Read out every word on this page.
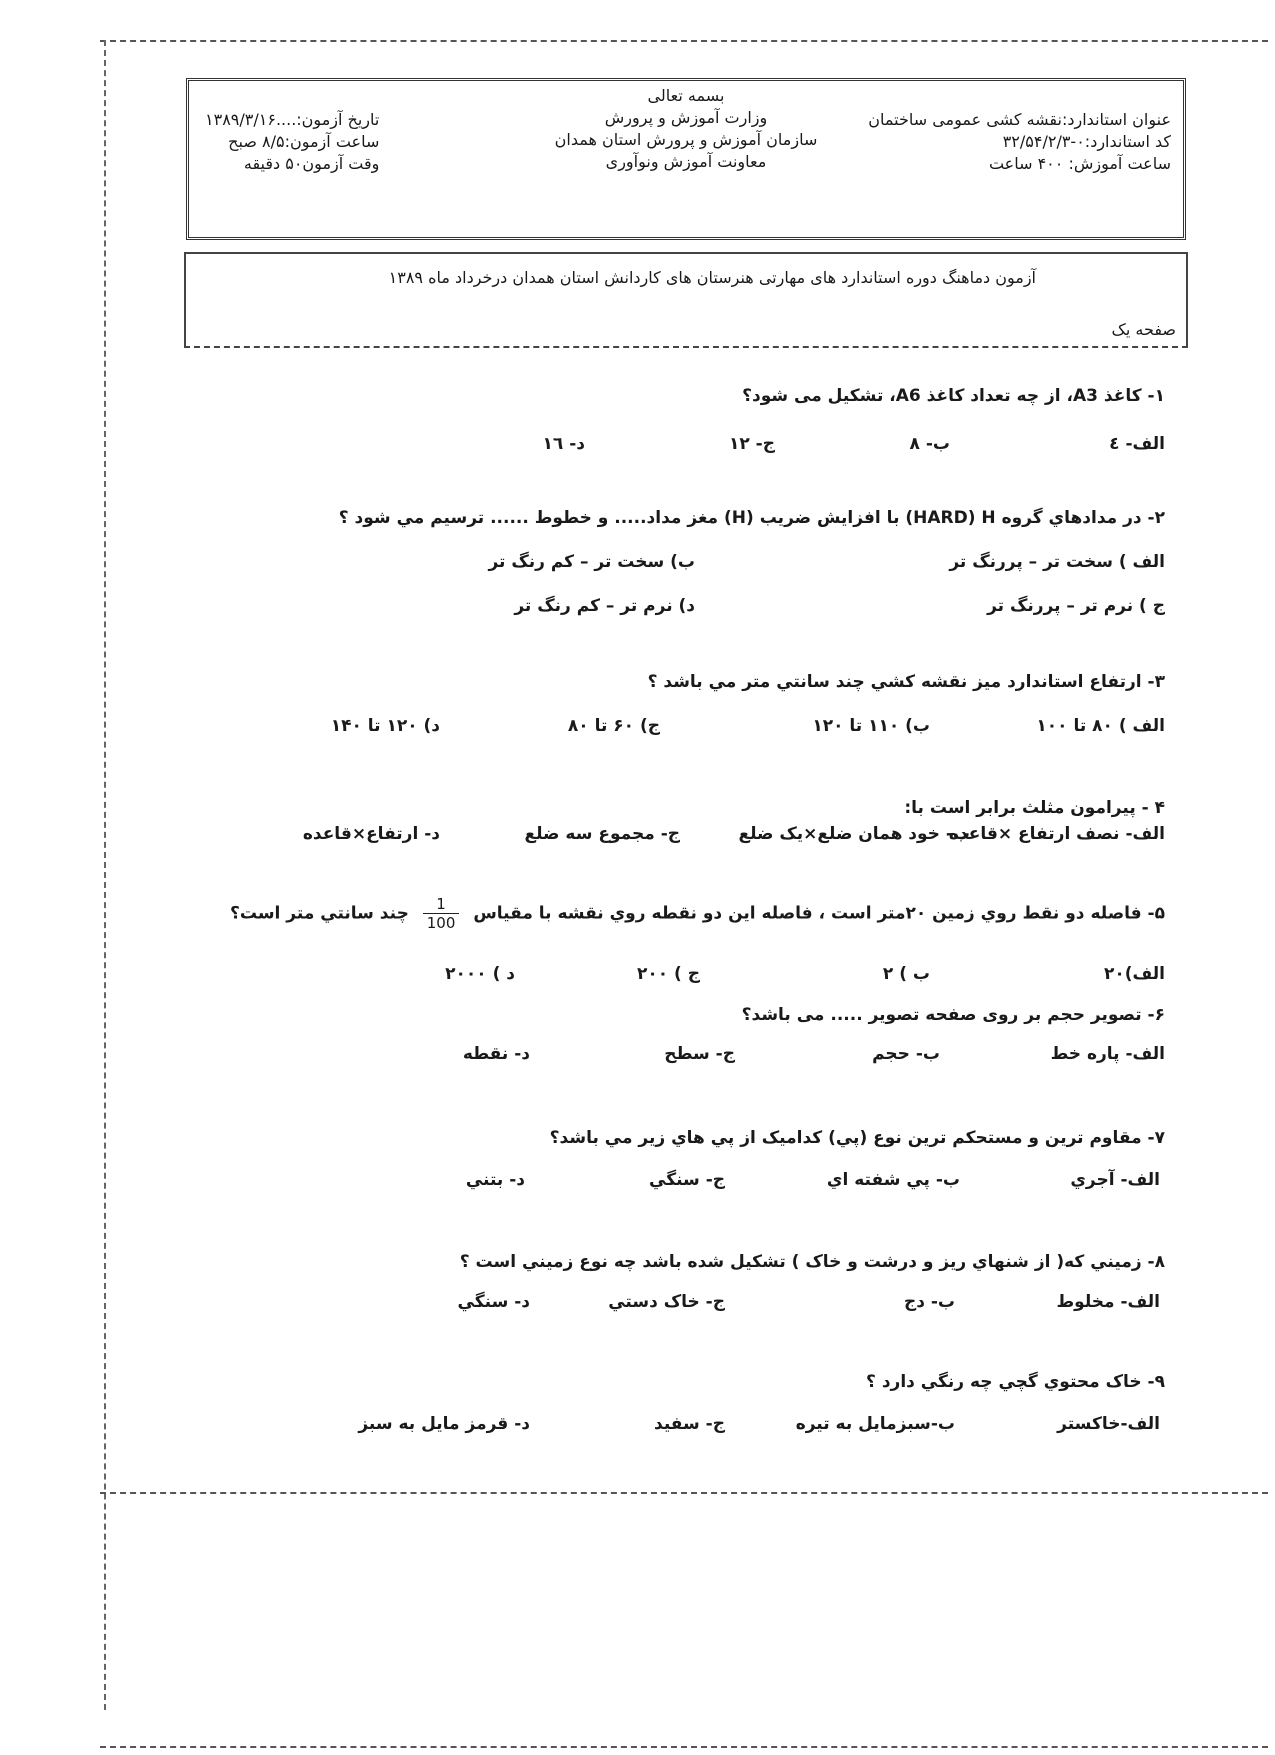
بسمه تعالی
وزارت آموزش و پرورش
سازمان آموزش و پرورش استان همدان
معاونت آموزش ونوآوری
عنوان استاندارد:نقشه کشی عمومی ساختمان
کد استاندارد:۰-۳۲/۵۴/۲/۳
ساعت آموزش: ۴۰۰ ساعت
تاریخ آزمون:....۱۳۸۹/۳/۱۶
ساعت آزمون:۸/۵ صبح
وقت آزمون۵۰ دقیقه
آزمون دماهنگ دوره استاندارد های مهارتی هنرستان های کاردانش استان همدان درخرداد ماه ۱۳۸۹
صفحه یک
۱- کاغذ A3، از چه تعداد کاغذ A6، تشکیل می شود؟
الف- ٤
ب- ٨
ج- ١٢
د- ١٦
۲- در مدادهاي گروه HARD) H) با افزايش ضريب (H) مغز مداد..... و خطوط ...... ترسيم مي شود ؟
الف ) سخت تر – پررنگ تر
ب) سخت تر – کم رنگ تر
ج ) نرم تر – پررنگ تر
د) نرم تر – کم رنگ تر
۳- ارتفاع استاندارد ميز نقشه کشي چند سانتي متر مي باشد ؟
الف ) ۸۰ تا ۱۰۰
ب) ۱۱۰ تا ۱۲۰
ج) ۶۰ تا ۸۰
د) ۱۲۰ تا ۱۴۰
۴ - پیرامون مثلث برابر است با:
الف- نصف ارتفاع ×قاعده
ب- خود همان ضلع×یک ضلع
ج- مجموع سه ضلع
د- ارتفاع×قاعده
۵- فاصله دو نقط روي زمين ۲۰متر است ، فاصله اين دو نقطه روي نقشه با مقياس
$\frac{1}{100}$
چند سانتي متر است؟
الف)۲۰
ب ) ۲
ج ) ۲۰۰
د ) ۲۰۰۰
۶- تصویر حجم بر روی صفحه تصویر ..... می باشد؟
الف- پاره خط
ب- حجم
ج- سطح
د- نقطه
۷- مقاوم ترين و مستحکم ترين نوع (پي) کداميک از پي هاي زير مي باشد؟
الف- آجري
ب- پي شفته اي
ج- سنگي
د- بتني
۸- زميني که( از شنهاي ريز و درشت و خاک ) تشکيل شده باشد چه نوع زميني است ؟
الف- مخلوط
ب- دج
ج- خاک دستي
د- سنگي
۹- خاک محتوي گچي چه رنگي دارد ؟
الف-خاکستر
ب-سبزمايل به تيره
ج- سفيد
د- قرمز مايل به سبز
